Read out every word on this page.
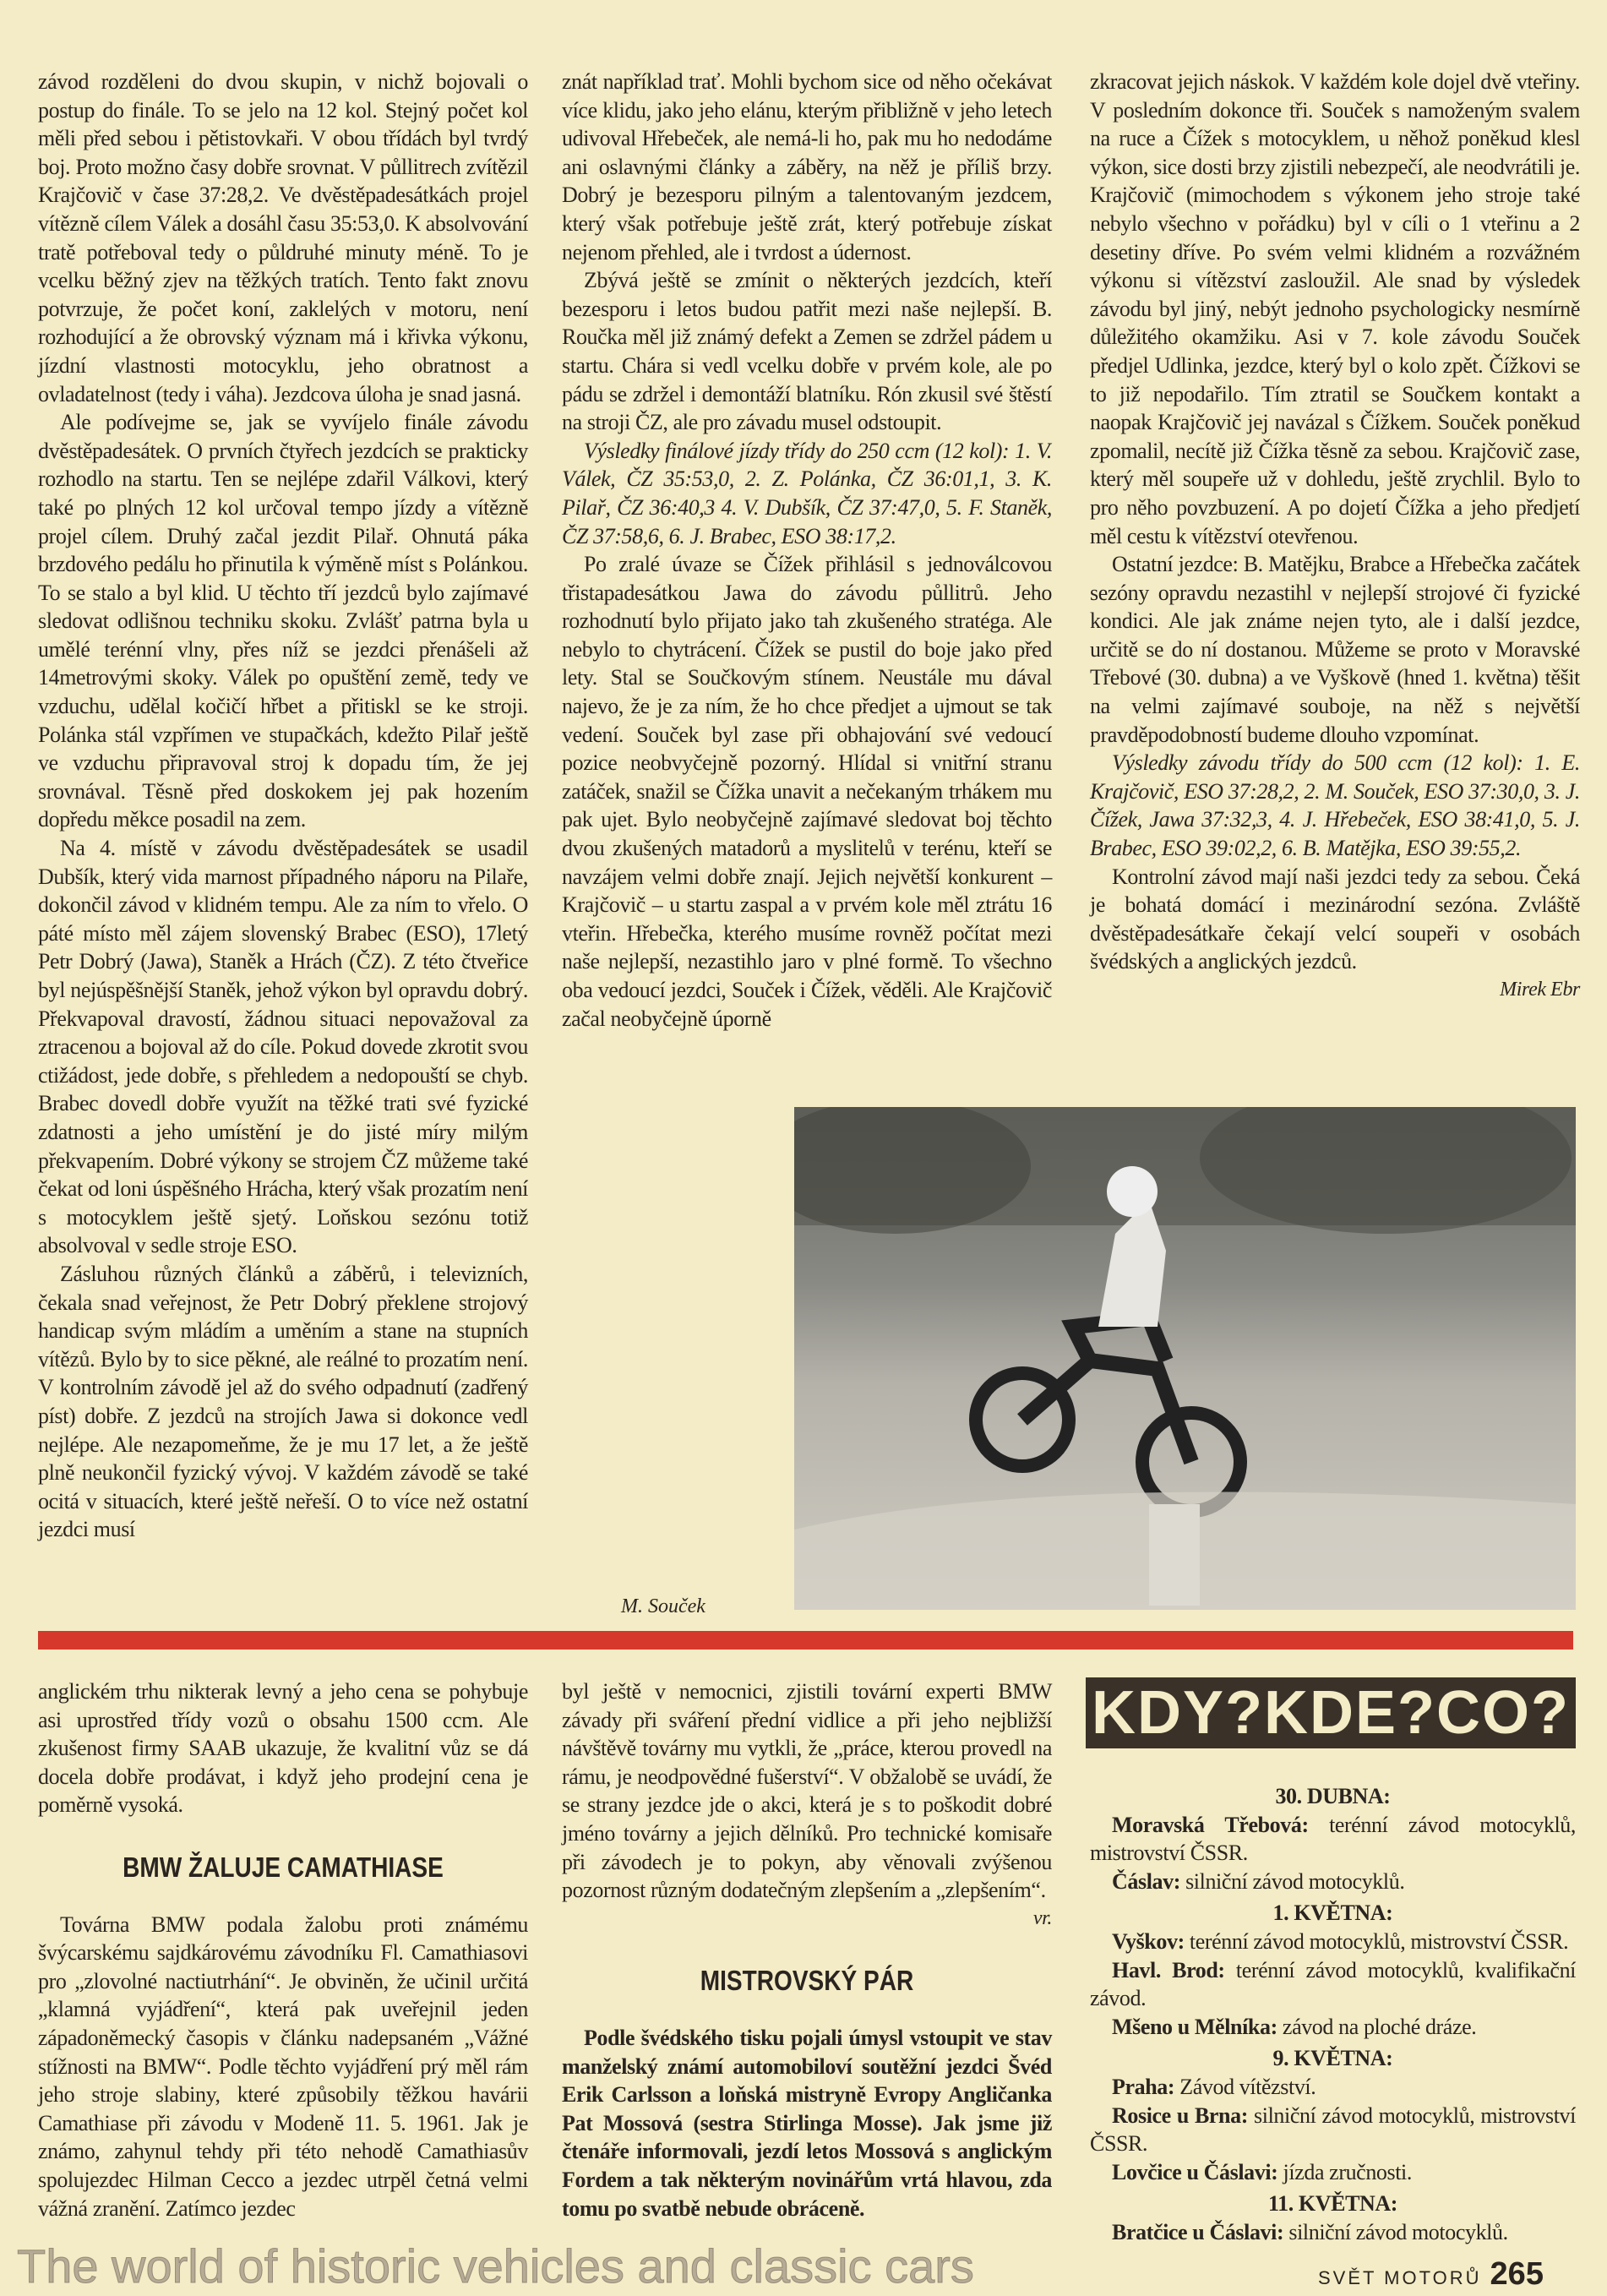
závod rozděleni do dvou skupin, v nichž bojovali o postup do finále. To se jelo na 12 kol. Stejný počet kol měli před sebou i pětistovkaři. V obou třídách byl tvrdý boj. Proto možno časy dobře srovnat. V půllitrech zvítězil Krajčovič v čase 37:28,2. Ve dvěstěpadesátkách projel vítězně cílem Válek a dosáhl času 35:53,0. K absolvování tratě potřeboval tedy o půldruhé minuty méně. To je vcelku běžný zjev na těžkých tratích. Tento fakt znovu potvrzuje, že počet koní, zaklelých v motoru, není rozhodující a že obrovský význam má i křivka výkonu, jízdní vlastnosti motocyklu, jeho obratnost a ovladatelnost (tedy i váha). Jezdcova úloha je snad jasná.

Ale podívejme se, jak se vyvíjelo finále závodu dvěstěpadesátek. O prvních čtyřech jezdcích se prakticky rozhodlo na startu. Ten se nejlépe zdařil Válkovi, který také po plných 12 kol určoval tempo jízdy a vítězně projel cílem. Druhý začal jezdit Pilař. Ohnutá páka brzdového pedálu ho přinutila k výměně míst s Polánkou. To se stalo a byl klid. U těchto tří jezdců bylo zajímavé sledovat odlišnou techniku skoku. Zvlášť patrna byla u umělé terénní vlny, přes níž se jezdci přenášeli až 14metrovými skoky. Válek po opuštění země, tedy ve vzduchu, udělal kočičí hřbet a přitiskl se ke stroji. Polánka stál vzpřímen ve stupačkách, kdežto Pilař ještě ve vzduchu připravoval stroj k dopadu tím, že jej srovnával. Těsně před doskokem jej pak hozením dopředu měkce posadil na zem.

Na 4. místě v závodu dvěstěpadesátek se usadil Dubšík, který vida marnost případného náporu na Pilaře, dokončil závod v klidném tempu. Ale za ním to vřelo. O páté místo měl zájem slovenský Brabec (ESO), 17letý Petr Dobrý (Jawa), Staněk a Hrách (ČZ). Z této čtveřice byl nejúspěšnější Staněk, jehož výkon byl opravdu dobrý. Překvapoval dravostí, žádnou situaci nepovažoval za ztracenou a bojoval až do cíle. Pokud dovede zkrotit svou ctižádost, jede dobře, s přehledem a nedopouští se chyb. Brabec dovedl dobře využít na těžké trati své fyzické zdatnosti a jeho umístění je do jisté míry milým překvapením. Dobré výkony se strojem ČZ můžeme také čekat od loni úspěšného Hrácha, který však prozatím není s motocyklem ještě sjetý. Loňskou sezónu totiž absolvoval v sedle stroje ESO.

Zásluhou různých článků a záběrů, i televizních, čekala snad veřejnost, že Petr Dobrý překlene strojový handicap svým mládím a uměním a stane na stupních vítězů. Bylo by to sice pěkné, ale reálné to prozatím není. V kontrolním závodě jel až do svého odpadnutí (zadřený píst) dobře. Z jezdců na strojích Jawa si dokonce vedl nejlépe. Ale nezapomeňme, že je mu 17 let, a že ještě plně neukončil fyzický vývoj. V každém závodě se také ocitá v situacích, které ještě neřeší. O to více než ostatní jezdci musí

znát například trať. Mohli bychom sice od něho očekávat více klidu, jako jeho elánu, kterým přibližně v jeho letech udivoval Hřebeček, ale nemá-li ho, pak mu ho nedodáme ani oslavnými články a záběry, na něž je příliš brzy. Dobrý je bezesporu pilným a talentovaným jezdcem, který však potřebuje ještě zrát, který potřebuje získat nejenom přehled, ale i tvrdost a údernost.

Zbývá ještě se zmínit o některých jezdcích, kteří bezesporu i letos budou patřit mezi naše nejlepší. B. Roučka měl již známý defekt a Zemen se zdržel pádem u startu. Chára si vedl vcelku dobře v prvém kole, ale po pádu se zdržel i demontáží blatníku. Rón zkusil své štěstí na stroji ČZ, ale pro závadu musel odstoupit.

Výsledky finálové jízdy třídy do 250 ccm (12 kol): 1. V. Válek, ČZ 35:53,0, 2. Z. Polánka, ČZ 36:01,1, 3. K. Pilař, ČZ 36:40,3 4. V. Dubšík, ČZ 37:47,0, 5. F. Staněk, ČZ 37:58,6, 6. J. Brabec, ESO 38:17,2.

Po zralé úvaze se Čížek přihlásil s jednoválcovou třistapadesátkou Jawa do závodu půllitrů. Jeho rozhodnutí bylo přijato jako tah zkušeného stratéga. Ale nebylo to chytrácení. Čížek se pustil do boje jako před lety. Stal se Součkovým stínem. Neustále mu dával najevo, že je za ním, že ho chce předjet a ujmout se tak vedení. Souček byl zase při obhajování své vedoucí pozice neobvyčejně pozorný. Hlídal si vnitřní stranu zatáček, snažil se Čížka unavit a nečekaným trhákem mu pak ujet. Bylo neobyčejně zajímavé sledovat boj těchto dvou zkušených matadorů a myslitelů v terénu, kteří se navzájem velmi dobře znají. Jejich největší konkurent – Krajčovič – u startu zaspal a v prvém kole měl ztrátu 16 vteřin. Hřebečka, kterého musíme rovněž počítat mezi naše nejlepší, nezastihlo jaro v plné formě. To všechno oba vedoucí jezdci, Souček i Čížek, věděli. Ale Krajčovič začal neobyčejně úporně

zkracovat jejich náskok. V každém kole dojel dvě vteřiny. V posledním dokonce tři. Souček s namoženým svalem na ruce a Čížek s motocyklem, u něhož poněkud klesl výkon, sice dosti brzy zjistili nebezpečí, ale neodvrátili je. Krajčovič (mimochodem s výkonem jeho stroje také nebylo všechno v pořádku) byl v cíli o 1 vteřinu a 2 desetiny dříve. Po svém velmi klidném a rozvážném výkonu si vítězství zasloužil. Ale snad by výsledek závodu byl jiný, nebýt jednoho psychologicky nesmírně důležitého okamžiku. Asi v 7. kole závodu Souček předjel Udlinka, jezdce, který byl o kolo zpět. Čížkovi se to již nepodařilo. Tím ztratil se Součkem kontakt a naopak Krajčovič jej navázal s Čížkem. Souček poněkud zpomalil, necítě již Čížka těsně za sebou. Krajčovič zase, který měl soupeře už v dohledu, ještě zrychlil. Bylo to pro něho povzbuzení. A po dojetí Čížka a jeho předjetí měl cestu k vítězství otevřenou.

Ostatní jezdce: B. Matějku, Brabce a Hřebečka začátek sezóny opravdu nezastihl v nejlepší strojové či fyzické kondici. Ale jak známe nejen tyto, ale i další jezdce, určitě se do ní dostanou. Můžeme se proto v Moravské Třebové (30. dubna) a ve Vyškově (hned 1. května) těšit na velmi zajímavé souboje, na něž s největší pravděpodobností budeme dlouho vzpomínat.

Výsledky závodu třídy do 500 ccm (12 kol): 1. E. Krajčovič, ESO 37:28,2, 2. M. Souček, ESO 37:30,0, 3. J. Čížek, Jawa 37:32,3, 4. J. Hřebeček, ESO 38:41,0, 5. J. Brabec, ESO 39:02,2, 6. B. Matějka, ESO 39:55,2.

Kontrolní závod mají naši jezdci tedy za sebou. Čeká je bohatá domácí i mezinárodní sezóna. Zvláště dvěstěpadesátkaře čekají velcí soupeři v osobách švédských a anglických jezdců.

Mirek Ebr

M. Souček

anglickém trhu nikterak levný a jeho cena se pohybuje asi uprostřed třídy vozů o obsahu 1500 ccm. Ale zkušenost firmy SAAB ukazuje, že kvalitní vůz se dá docela dobře prodávat, i když jeho prodejní cena je poměrně vysoká.

BMW ŽALUJE CAMATHIASE

Továrna BMW podala žalobu proti známému švýcarskému sajdkárovému závodníku Fl. Camathiasovi pro „zlovolné nactiutrhání“. Je obviněn, že učinil určitá „klamná vyjádření“, která pak uveřejnil jeden západoněmecký časopis v článku nadepsaném „Vážné stížnosti na BMW“. Podle těchto vyjádření prý měl rám jeho stroje slabiny, které způsobily těžkou havárii Camathiase při závodu v Modeně 11. 5. 1961. Jak je známo, zahynul tehdy při této nehodě Camathiasův spolujezdec Hilman Cecco a jezdec utrpěl četná velmi vážná zranění. Zatímco jezdec

byl ještě v nemocnici, zjistili tovární experti BMW závady při sváření přední vidlice a při jeho nejbližší návštěvě továrny mu vytkli, že „práce, kterou provedl na rámu, je neodpovědné fušerství“. V obžalobě se uvádí, že se strany jezdce jde o akci, která je s to poškodit dobré jméno továrny a jejich dělníků. Pro technické komisaře při závodech je to pokyn, aby věnovali zvýšenou pozornost různým dodatečným zlepšením a „zlepšením“.

vr.

MISTROVSKÝ PÁR

Podle švédského tisku pojali úmysl vstoupit ve stav manželský známí automobiloví soutěžní jezdci Švéd Erik Carlsson a loňská mistryně Evropy Angličanka Pat Mossová (sestra Stirlinga Mosse). Jak jsme již čtenáře informovali, jezdí letos Mossová s anglickým Fordem a tak některým novinářům vrtá hlavou, zda tomu po svatbě nebude obráceně.

KDY?KDE?CO?

30. DUBNA:

Moravská Třebová: terénní závod motocyklů, mistrovství ČSSR.

Čáslav: silniční závod motocyklů.

1. KVĚTNA:

Vyškov: terénní závod motocyklů, mistrovství ČSSR.

Havl. Brod: terénní závod motocyklů, kvalifikační závod.

Mšeno u Mělníka: závod na ploché dráze.

9. KVĚTNA:

Praha: Závod vítězství.

Rosice u Brna: silniční závod motocyklů, mistrovství ČSSR.

Lovčice u Čáslavi: jízda zručnosti.

11. KVĚTNA:

Bratčice u Čáslavi: silniční závod motocyklů.

SVĚT MOTORŮ 265
The world of historic vehicles and classic cars
